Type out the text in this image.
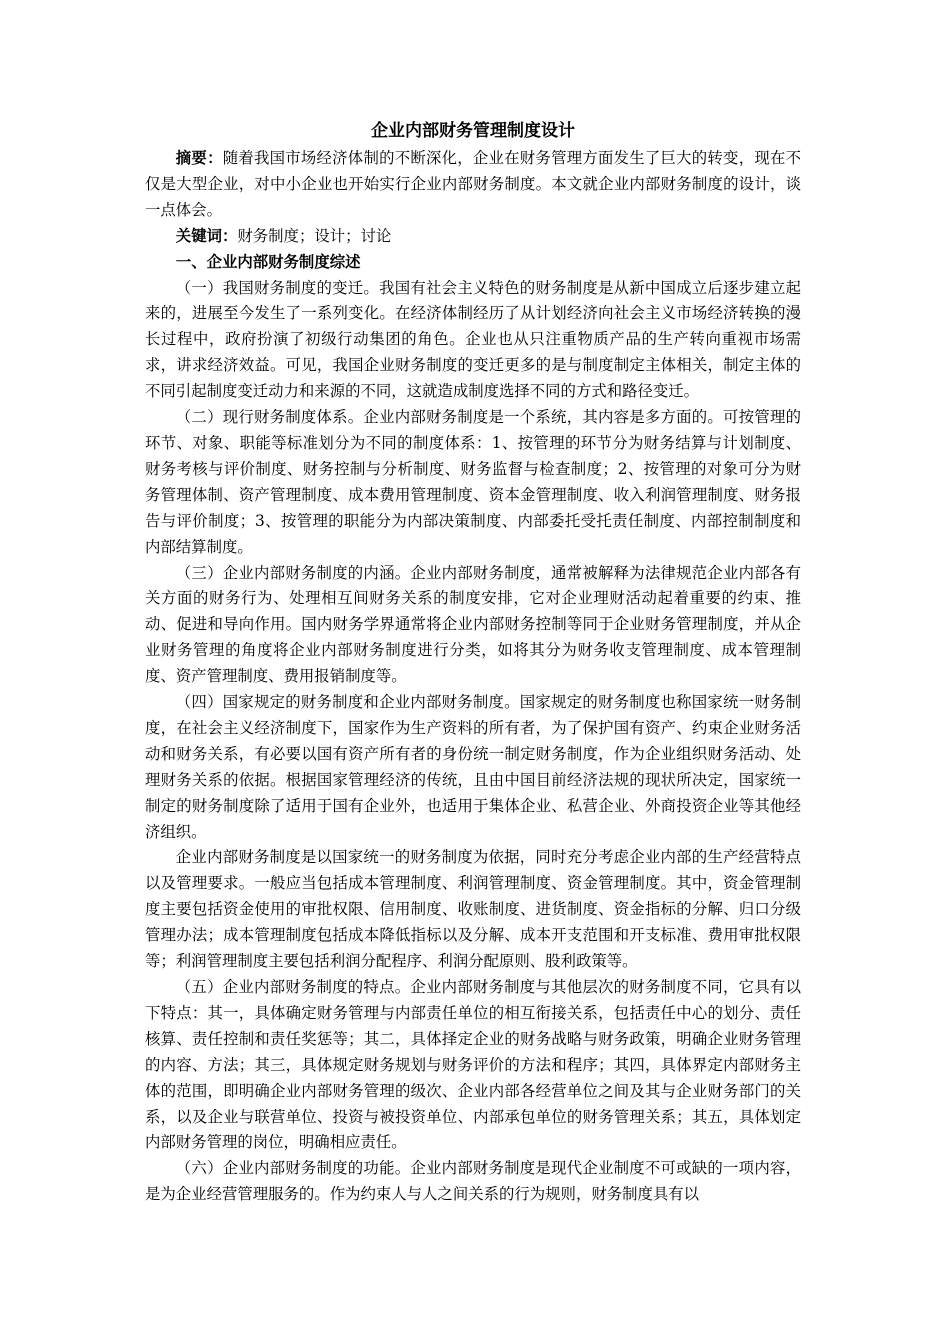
企业内部财务管理制度设计

摘要：随着我国市场经济体制的不断深化，企业在财务管理方面发生了巨大的转变，现在不仅是大型企业，对中小企业也开始实行企业内部财务制度。本文就企业内部财务制度的设计，谈一点体会。

关键词：财务制度；设计；讨论

一、企业内部财务制度综述

（一）我国财务制度的变迁。我国有社会主义特色的财务制度是从新中国成立后逐步建立起来的，进展至今发生了一系列变化。在经济体制经历了从计划经济向社会主义市场经济转换的漫长过程中，政府扮演了初级行动集团的角色。企业也从只注重物质产品的生产转向重视市场需求，讲求经济效益。可见，我国企业财务制度的变迁更多的是与制度制定主体相关，制定主体的不同引起制度变迁动力和来源的不同，这就造成制度选择不同的方式和路径变迁。

（二）现行财务制度体系。企业内部财务制度是一个系统，其内容是多方面的。可按管理的环节、对象、职能等标准划分为不同的制度体系：1、按管理的环节分为财务结算与计划制度、财务考核与评价制度、财务控制与分析制度、财务监督与检查制度；2、按管理的对象可分为财务管理体制、资产管理制度、成本费用管理制度、资本金管理制度、收入利润管理制度、财务报告与评价制度；3、按管理的职能分为内部决策制度、内部委托受托责任制度、内部控制制度和内部结算制度。

（三）企业内部财务制度的内涵。企业内部财务制度，通常被解释为法律规范企业内部各有关方面的财务行为、处理相互间财务关系的制度安排，它对企业理财活动起着重要的约束、推动、促进和导向作用。国内财务学界通常将企业内部财务控制等同于企业财务管理制度，并从企业财务管理的角度将企业内部财务制度进行分类，如将其分为财务收支管理制度、成本管理制度、资产管理制度、费用报销制度等。

（四）国家规定的财务制度和企业内部财务制度。国家规定的财务制度也称国家统一财务制度，在社会主义经济制度下，国家作为生产资料的所有者，为了保护国有资产、约束企业财务活动和财务关系，有必要以国有资产所有者的身份统一制定财务制度，作为企业组织财务活动、处理财务关系的依据。根据国家管理经济的传统，且由中国目前经济法规的现状所决定，国家统一制定的财务制度除了适用于国有企业外，也适用于集体企业、私营企业、外商投资企业等其他经济组织。

企业内部财务制度是以国家统一的财务制度为依据，同时充分考虑企业内部的生产经营特点以及管理要求。一般应当包括成本管理制度、利润管理制度、资金管理制度。其中，资金管理制度主要包括资金使用的审批权限、信用制度、收账制度、进货制度、资金指标的分解、归口分级管理办法；成本管理制度包括成本降低指标以及分解、成本开支范围和开支标准、费用审批权限等；利润管理制度主要包括利润分配程序、利润分配原则、股利政策等。

（五）企业内部财务制度的特点。企业内部财务制度与其他层次的财务制度不同，它具有以下特点：其一，具体确定财务管理与内部责任单位的相互衔接关系，包括责任中心的划分、责任核算、责任控制和责任奖惩等；其二，具体择定企业的财务战略与财务政策，明确企业财务管理的内容、方法；其三，具体规定财务规划与财务评价的方法和程序；其四，具体界定内部财务主体的范围，即明确企业内部财务管理的级次、企业内部各经营单位之间及其与企业财务部门的关系，以及企业与联营单位、投资与被投资单位、内部承包单位的财务管理关系；其五，具体划定内部财务管理的岗位，明确相应责任。

（六）企业内部财务制度的功能。企业内部财务制度是现代企业制度不可或缺的一项内容，是为企业经营管理服务的。作为约束人与人之间关系的行为规则，财务制度具有以
